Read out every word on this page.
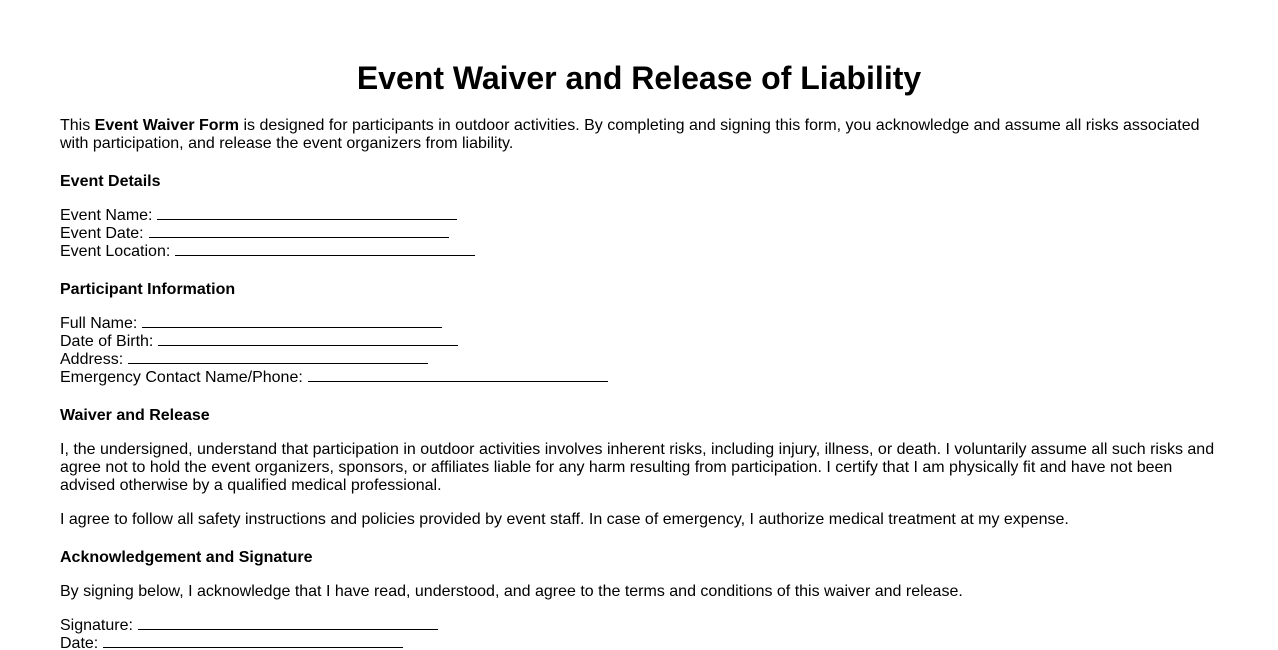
Event Waiver and Release of Liability

This Event Waiver Form is designed for participants in outdoor activities. By completing and signing this form, you acknowledge and assume all risks associated with participation, and release the event organizers from liability.

Event Details
Event Name:
Event Date:
Event Location:
Participant Information
Full Name:
Date of Birth:
Address:
Emergency Contact Name/Phone:
Waiver and Release

I, the undersigned, understand that participation in outdoor activities involves inherent risks, including injury, illness, or death. I voluntarily assume all such risks and agree not to hold the event organizers, sponsors, or affiliates liable for any harm resulting from participation. I certify that I am physically fit and have not been advised otherwise by a qualified medical professional.

I agree to follow all safety instructions and policies provided by event staff. In case of emergency, I authorize medical treatment at my expense.

Acknowledgement and Signature

By signing below, I acknowledge that I have read, understood, and agree to the terms and conditions of this waiver and release.

Signature:
Date:
